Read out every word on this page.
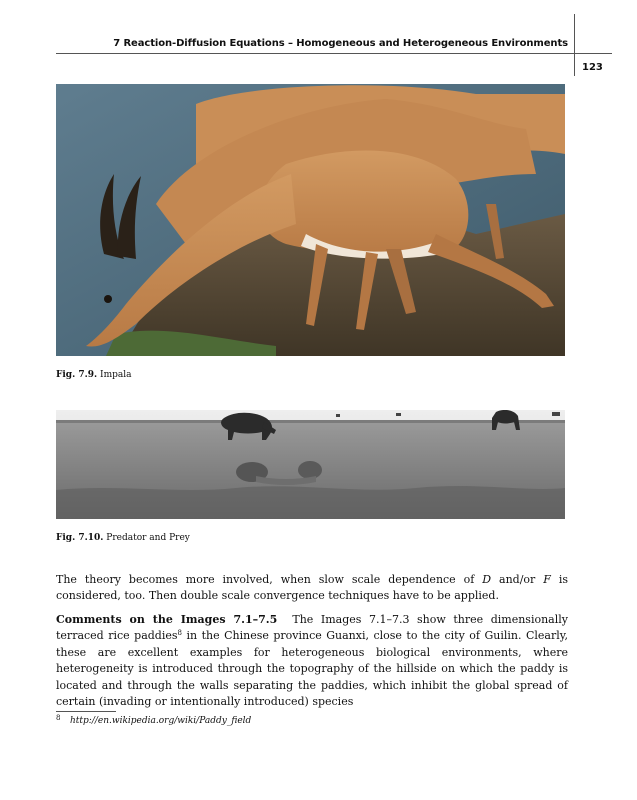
7 Reaction-Diffusion Equations – Homogeneous and Heterogeneous Environments
123
Fig. 7.9. Impala
Fig. 7.10. Predator and Prey

The theory becomes more involved, when slow scale dependence of D and/or F is considered, too. Then double scale convergence techniques have to be applied.

Comments on the Images 7.1–7.5 The Images 7.1–7.3 show three dimensionally terraced rice paddies$^8$ in the Chinese province Guanxi, close to the city of Guilin. Clearly, these are excellent examples for heterogeneous biological environments, where heterogeneity is introduced through the topography of the hillside on which the paddy is located and through the walls separating the paddies, which inhibit the global spread of certain (invading or intentionally introduced) species

8 http://en.wikipedia.org/wiki/Paddy_field
